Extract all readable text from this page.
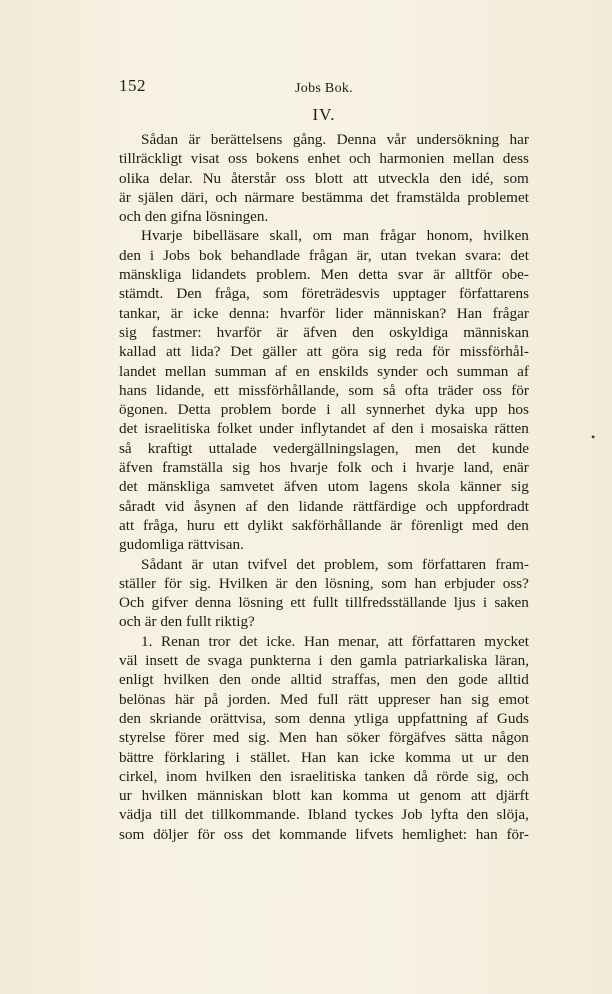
152	Jobs Bok.
IV.
Sådan är berättelsens gång. Denna vår undersökning har
tillräckligt visat oss bokens enhet och harmonien mellan dess
olika delar. Nu återstår oss blott att utveckla den idé, som
är själen däri, och närmare bestämma det framstälda problemet
och den gifna lösningen.
Hvarje bibelläsare skall, om man frågar honom, hvilken
den i Jobs bok behandlade frågan är, utan tvekan svara: det
mänskliga lidandets problem. Men detta svar är alltför obe-
stämdt. Den fråga, som företrädesvis upptager författarens
tankar, är icke denna: hvarför lider människan? Han frågar
sig fastmer: hvarför är äfven den oskyldiga människan
kallad att lida? Det gäller att göra sig reda för missförhål-
landet mellan summan af en enskilds synder och summan af
hans lidande, ett missförhållande, som så ofta träder oss för
ögonen. Detta problem borde i all synnerhet dyka upp hos
det israelitiska folket under inflytandet af den i mosaiska rätten
så kraftigt uttalade vedergällningslagen, men det kunde
äfven framställa sig hos hvarje folk och i hvarje land, enär
det mänskliga samvetet äfven utom lagens skola känner sig
såradt vid åsynen af den lidande rättfärdige och uppfordradt
att fråga, huru ett dylikt sakförhållande är förenligt med den
gudomliga rättvisan.
Sådant är utan tvifvel det problem, som författaren fram-
ställer för sig. Hvilken är den lösning, som han erbjuder oss?
Och gifver denna lösning ett fullt tillfredsställande ljus i saken
och är den fullt riktig?
1. Renan tror det icke. Han menar, att författaren mycket
väl insett de svaga punkterna i den gamla patriarkaliska läran,
enligt hvilken den onde alltid straffas, men den gode alltid
belönas här på jorden. Med full rätt uppreser han sig emot
den skriande orättvisa, som denna ytliga uppfattning af Guds
styrelse förer med sig. Men han söker förgäfves sätta någon
bättre förklaring i stället. Han kan icke komma ut ur den
cirkel, inom hvilken den israelitiska tanken då rörde sig, och
ur hvilken människan blott kan komma ut genom att djärft
vädja till det tillkommande. Ibland tyckes Job lyfta den slöja,
som döljer för oss det kommande lifvets hemlighet: han för-
•
